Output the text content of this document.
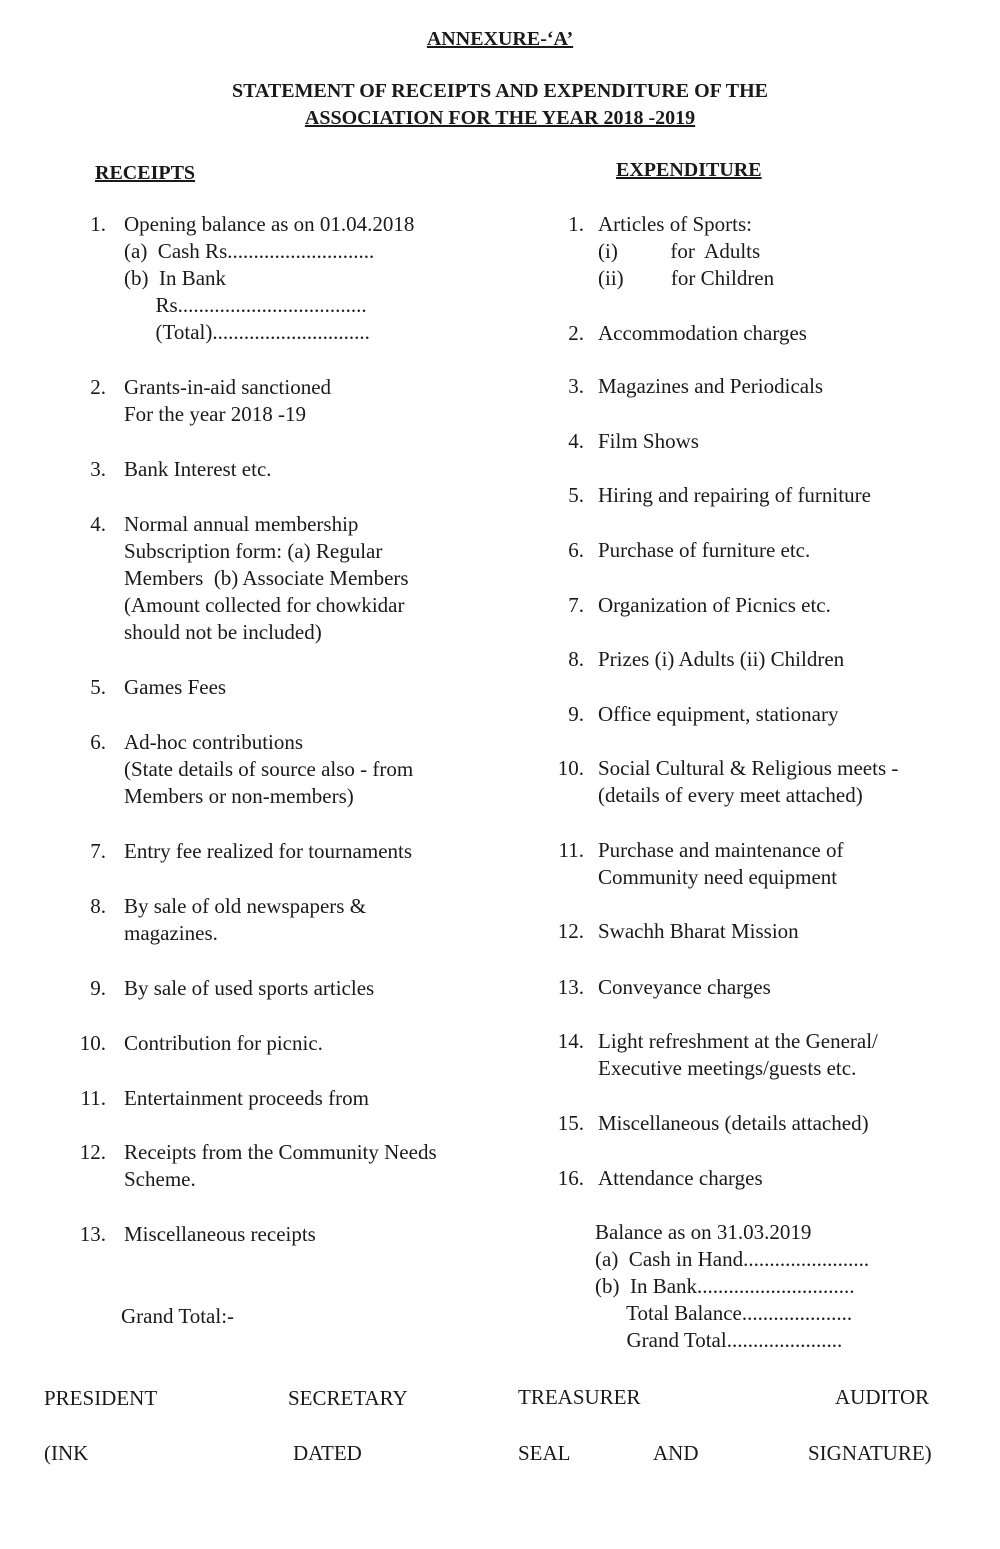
ANNEXURE-‘A’
STATEMENT OF RECEIPTS AND EXPENDITURE OF THE
ASSOCIATION FOR THE YEAR 2018 -2019
RECEIPTS	EXPENDITURE
1. Opening balance as on 01.04.2018
(a)  Cash Rs............................
(b)  In Bank
Rs....................................
(Total)..............................
2. Grants-in-aid sanctioned
For the year 2018 -19
3. Bank Interest etc.
4. Normal annual membership
Subscription form: (a) Regular
Members  (b) Associate Members
(Amount collected for chowkidar
should not be included)
5. Games Fees
6. Ad-hoc contributions
(State details of source also - from
Members or non-members)
7. Entry fee realized for tournaments
8. By sale of old newspapers &
magazines.
9. By sale of used sports articles
10. Contribution for picnic.
11. Entertainment proceeds from
12. Receipts from the Community Needs
Scheme.
13. Miscellaneous receipts
Grand Total:-
1. Articles of Sports:
(i)          for  Adults
(ii)         for Children
2. Accommodation charges
3. Magazines and Periodicals
4. Film Shows
5. Hiring and repairing of furniture
6. Purchase of furniture etc.
7. Organization of Picnics etc.
8. Prizes (i) Adults (ii) Children
9. Office equipment, stationary
10. Social Cultural & Religious meets -
(details of every meet attached)
11. Purchase and maintenance of
Community need equipment
12. Swachh Bharat Mission
13. Conveyance charges
14. Light refreshment at the General/
Executive meetings/guests etc.
15. Miscellaneous (details attached)
16. Attendance charges
Balance as on 31.03.2019
(a)  Cash in Hand........................
(b)  In Bank..............................
Total Balance.....................
Grand Total......................
PRESIDENT	SECRETARY	TREASURER	AUDITOR
(INK	DATED	SEAL	AND	SIGNATURE)
